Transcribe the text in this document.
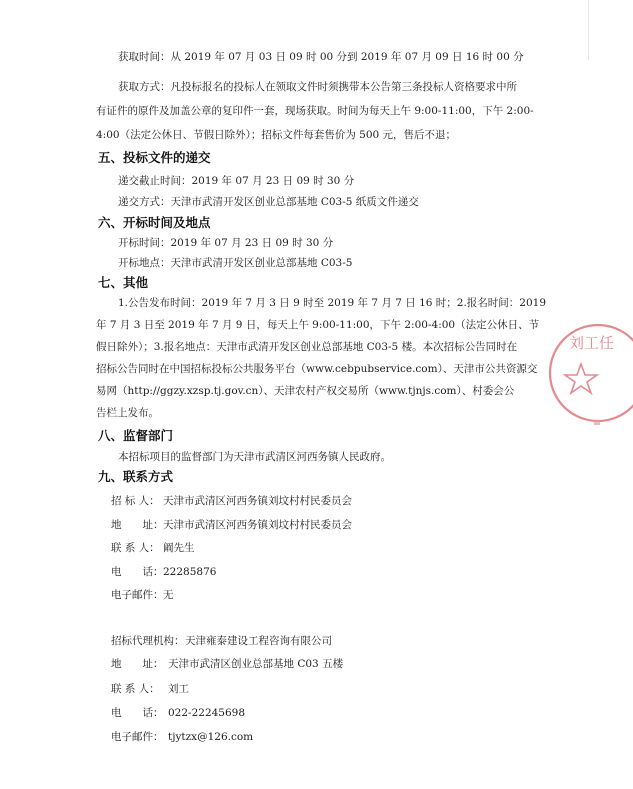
获取时间：从 2019 年 07 月 03 日 09 时 00 分到 2019 年 07 月 09 日 16 时 00 分
获取方式：凡投标报名的投标人在领取文件时须携带本公告第三条投标人资格要求中所
有证件的原件及加盖公章的复印件一套，现场获取。时间为每天上午 9:00-11:00，下午 2:00-
4:00（法定公休日、节假日除外）；招标文件每套售价为 500 元，售后不退；
五、投标文件的递交
递交截止时间：2019 年 07 月 23 日 09 时 30 分
递交方式：天津市武清开发区创业总部基地 C03-5 纸质文件递交
六、开标时间及地点
开标时间：2019 年 07 月 23 日 09 时 30 分
开标地点：天津市武清开发区创业总部基地 C03-5
七、其他
1.公告发布时间：2019 年 7 月 3 日 9 时至 2019 年 7 月 7 日 16 时；2.报名时间：2019
年 7 月 3 日至 2019 年 7 月 9 日，每天上午 9:00-11:00，下午 2:00-4:00（法定公休日、节
假日除外）；3.报名地点：天津市武清开发区创业总部基地 C03-5 楼。本次招标公告同时在
招标公告同时在中国招标投标公共服务平台（www.cebpubservice.com）、天津市公共资源交
易网（http://ggzy.xzsp.tj.gov.cn）、天津农村产权交易所（www.tjnjs.com）、村委会公
告栏上发布。
八、监督部门
本招标项目的监督部门为天津市武清区河西务镇人民政府。
九、联系方式
招 标 人： 天津市武清区河西务镇刘坟村村民委员会
地　　址： 天津市武清区河西务镇刘坟村村民委员会
联 系 人： 阚先生
电　　话： 22285876
电子邮件： 无
招标代理机构： 天津雍泰建设工程咨询有限公司
地　　址： 天津市武清区创业总部基地 C03 五楼
联 系 人： 刘工
电　　话： 022-22245698
电子邮件： tjytzx@126.com
刘工任
